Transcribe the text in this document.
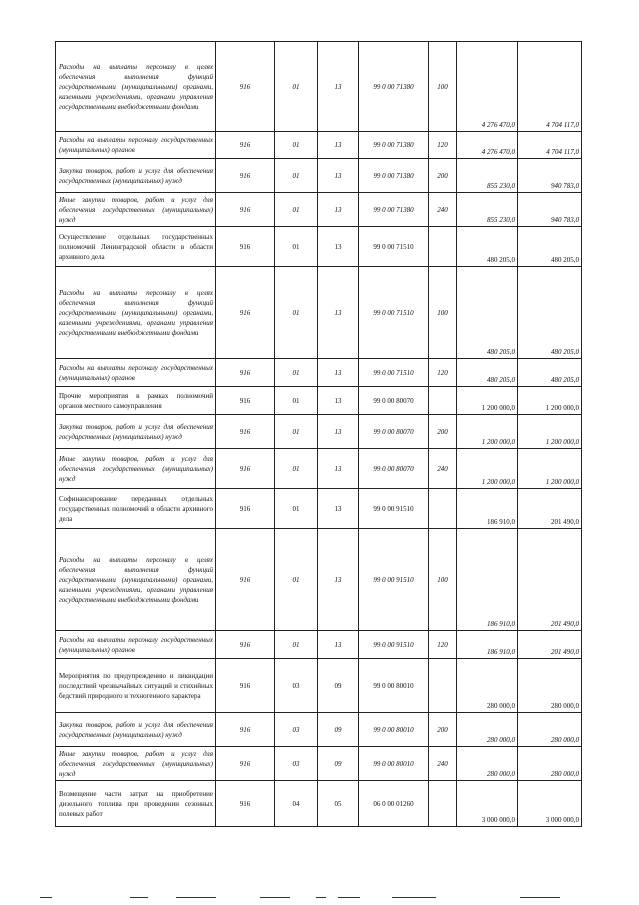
Расходы на выплаты персоналу в целях обеспечения выполнения функций государственными (муниципальными) органами, казенными учреждениями, органами управления государственными внебюджетными фондами	916	01	13	99 0 00 71380	100	4 276 470,0	4 704 117,0
Расходы на выплаты персоналу государственных (муниципальных) органов	916	01	13	99 0 00 71380	120	4 276 470,0	4 704 117,0
Закупка товаров, работ и услуг для обеспечения государственных (муниципальных) нужд	916	01	13	99 0 00 71380	200	855 230,0	940 783,0
Иные закупки товаров, работ и услуг для обеспечения государственных (муниципальных) нужд	916	01	13	99 0 00 71380	240	855 230,0	940 783,0
Осуществление отдельных государственных полномочий Ленинградской области в области архивного дела	916	01	13	99 0 00 71510		480 205,0	480 205,0
Расходы на выплаты персоналу в целях обеспечения выполнения функций государственными (муниципальными) органами, казенными учреждениями, органами управления государственными внебюджетными фондами	916	01	13	99 0 00 71510	100	480 205,0	480 205,0
Расходы на выплаты персоналу государственных (муниципальных) органов	916	01	13	99 0 00 71510	120	480 205,0	480 205,0
Прочие мероприятия в рамках полномочий органов местного самоуправления	916	01	13	99 0 00 80070		1 200 000,0	1 200 000,0
Закупка товаров, работ и услуг для обеспечения государственных (муниципальных) нужд	916	01	13	99 0 00 80070	200	1 200 000,0	1 200 000,0
Иные закупки товаров, работ и услуг для обеспечения государственных (муниципальных) нужд	916	01	13	99 0 00 80070	240	1 200 000,0	1 200 000,0
Софинансирование переданных отдельных государственных полномочий в области архивного дела	916	01	13	99 0 00 91510		186 910,0	201 490,0
Расходы на выплаты персоналу в целях обеспечения выполнения функций государственными (муниципальными) органами, казенными учреждениями, органами управления государственными внебюджетными фондами	916	01	13	99 0 00 91510	100	186 910,0	201 490,0
Расходы на выплаты персоналу государственных (муниципальных) органов	916	01	13	99 0 00 91510	120	186 910,0	201 490,0
Мероприятия по предупреждению и ликвидации последствий чрезвычайных ситуаций и стихийных бедствий природного и техногенного характера	916	03	09	99 0 00 80010		280 000,0	280 000,0
Закупка товаров, работ и услуг для обеспечения государственных (муниципальных) нужд	916	03	09	99 0 00 80010	200	280 000,0	280 000,0
Иные закупки товаров, работ и услуг для обеспечения государственных (муниципальных) нужд	916	03	09	99 0 00 80010	240	280 000,0	280 000,0
Возмещение части затрат на приобретение дизельного топлива при проведении сезонных полевых работ	916	04	05	06 0 00 01260		3 000 000,0	3 000 000,0
